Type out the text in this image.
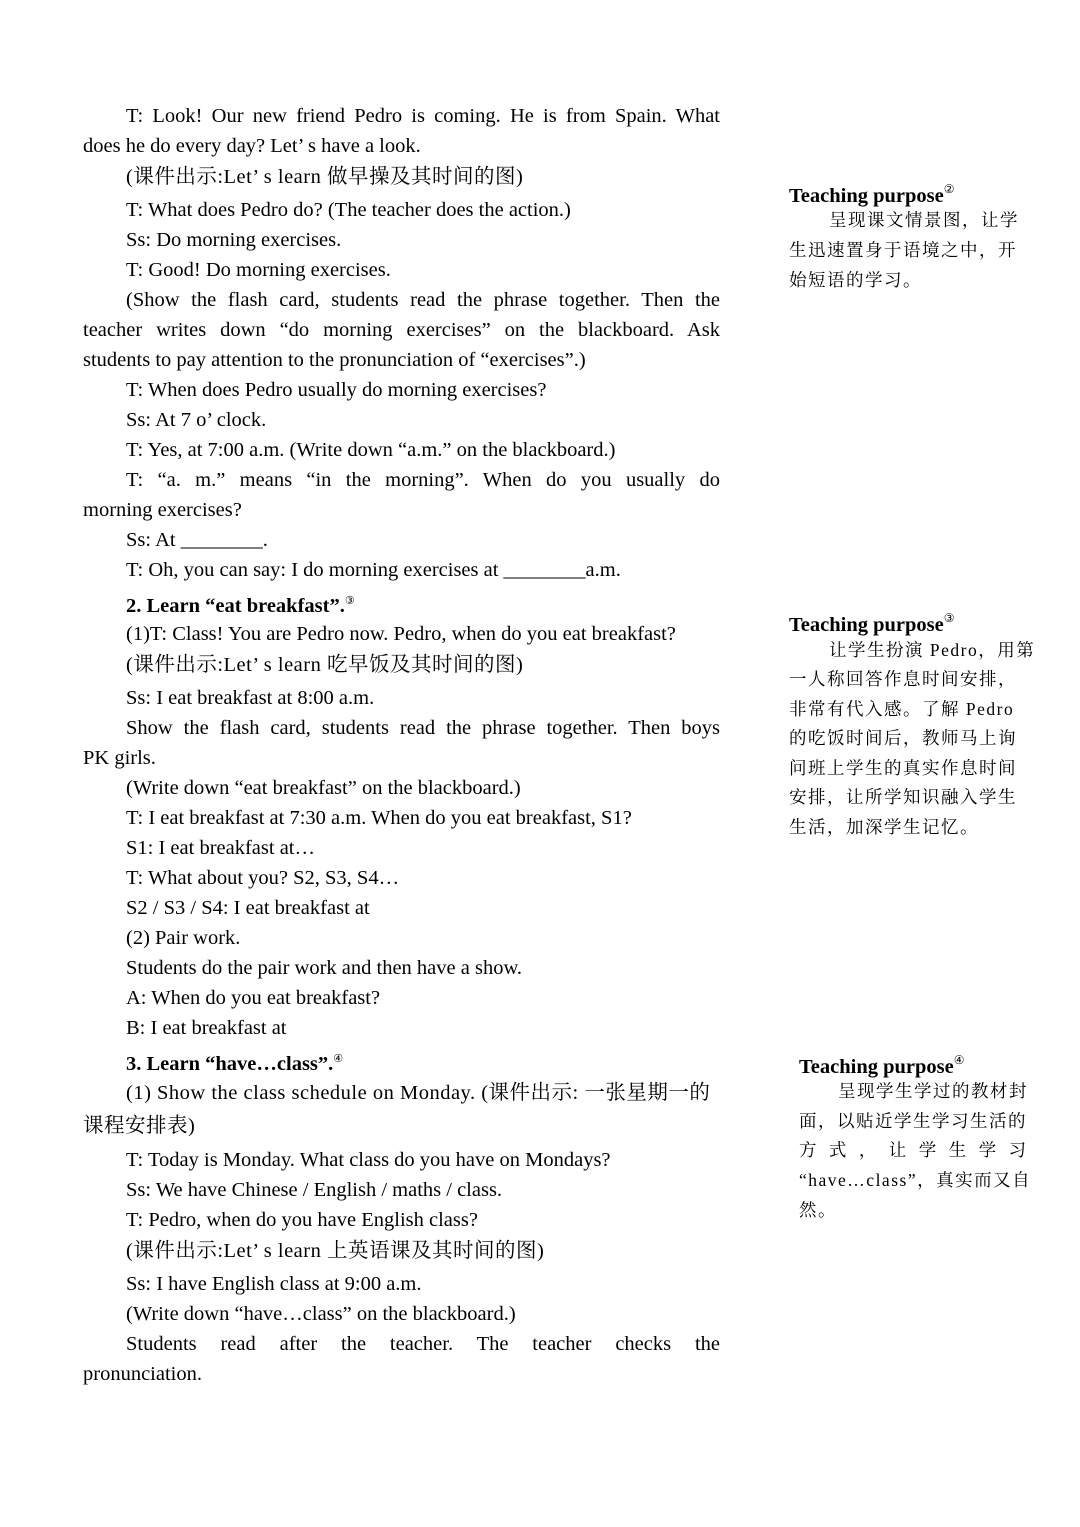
T: Look! Our new friend Pedro is coming. He is from Spain. What

does he do every day? Let’ s have a look.

(课件出示:Let’ s learn 做早操及其时间的图)

T: What does Pedro do? (The teacher does the action.)

Ss: Do morning exercises.

T: Good! Do morning exercises.

(Show the flash card, students read the phrase together. Then the

teacher writes down “do morning exercises” on the blackboard. Ask

students to pay attention to the pronunciation of “exercises”.)

T: When does Pedro usually do morning exercises?

Ss: At 7 o’ clock.

T: Yes, at 7:00 a.m. (Write down “a.m.” on the blackboard.)

T: “a. m.” means “in the morning”. When do you usually do

morning exercises?

Ss: At ________.

T: Oh, you can say: I do morning exercises at ________a.m.

2. Learn “eat breakfast”.③

(1)T: Class! You are Pedro now. Pedro, when do you eat breakfast?

(课件出示:Let’ s learn 吃早饭及其时间的图)

Ss: I eat breakfast at 8:00 a.m.

Show the flash card, students read the phrase together. Then boys

PK girls.

(Write down “eat breakfast” on the blackboard.)

T: I eat breakfast at 7:30 a.m. When do you eat breakfast, S1?

S1: I eat breakfast at…

T: What about you? S2, S3, S4…

S2 / S3 / S4: I eat breakfast at

(2) Pair work.

Students do the pair work and then have a show.

A: When do you eat breakfast?

B: I eat breakfast at

3. Learn “have…class”.④

(1) Show the class schedule on Monday. (课件出示: 一张星期一的

课程安排表)

T: Today is Monday. What class do you have on Mondays?

Ss: We have Chinese / English / maths / class.

T: Pedro, when do you have English class?

(课件出示:Let’ s learn 上英语课及其时间的图)

Ss: I have English class at 9:00 a.m.

(Write down “have…class” on the blackboard.)

Students read after the teacher. The teacher checks the

pronunciation.

Teaching purpose②

呈现课文情景图，让学

生迅速置身于语境之中，开

始短语的学习。

Teaching purpose③

让学生扮演 Pedro，用第

一人称回答作息时间安排，

非常有代入感。了解 Pedro

的吃饭时间后，教师马上询

问班上学生的真实作息时间

安排，让所学知识融入学生

生活，加深学生记忆。

Teaching purpose④

呈现学生学过的教材封

面，以贴近学生学习生活的

方 式 ， 让 学 生 学 习

“have…class”，真实而又自

然。
